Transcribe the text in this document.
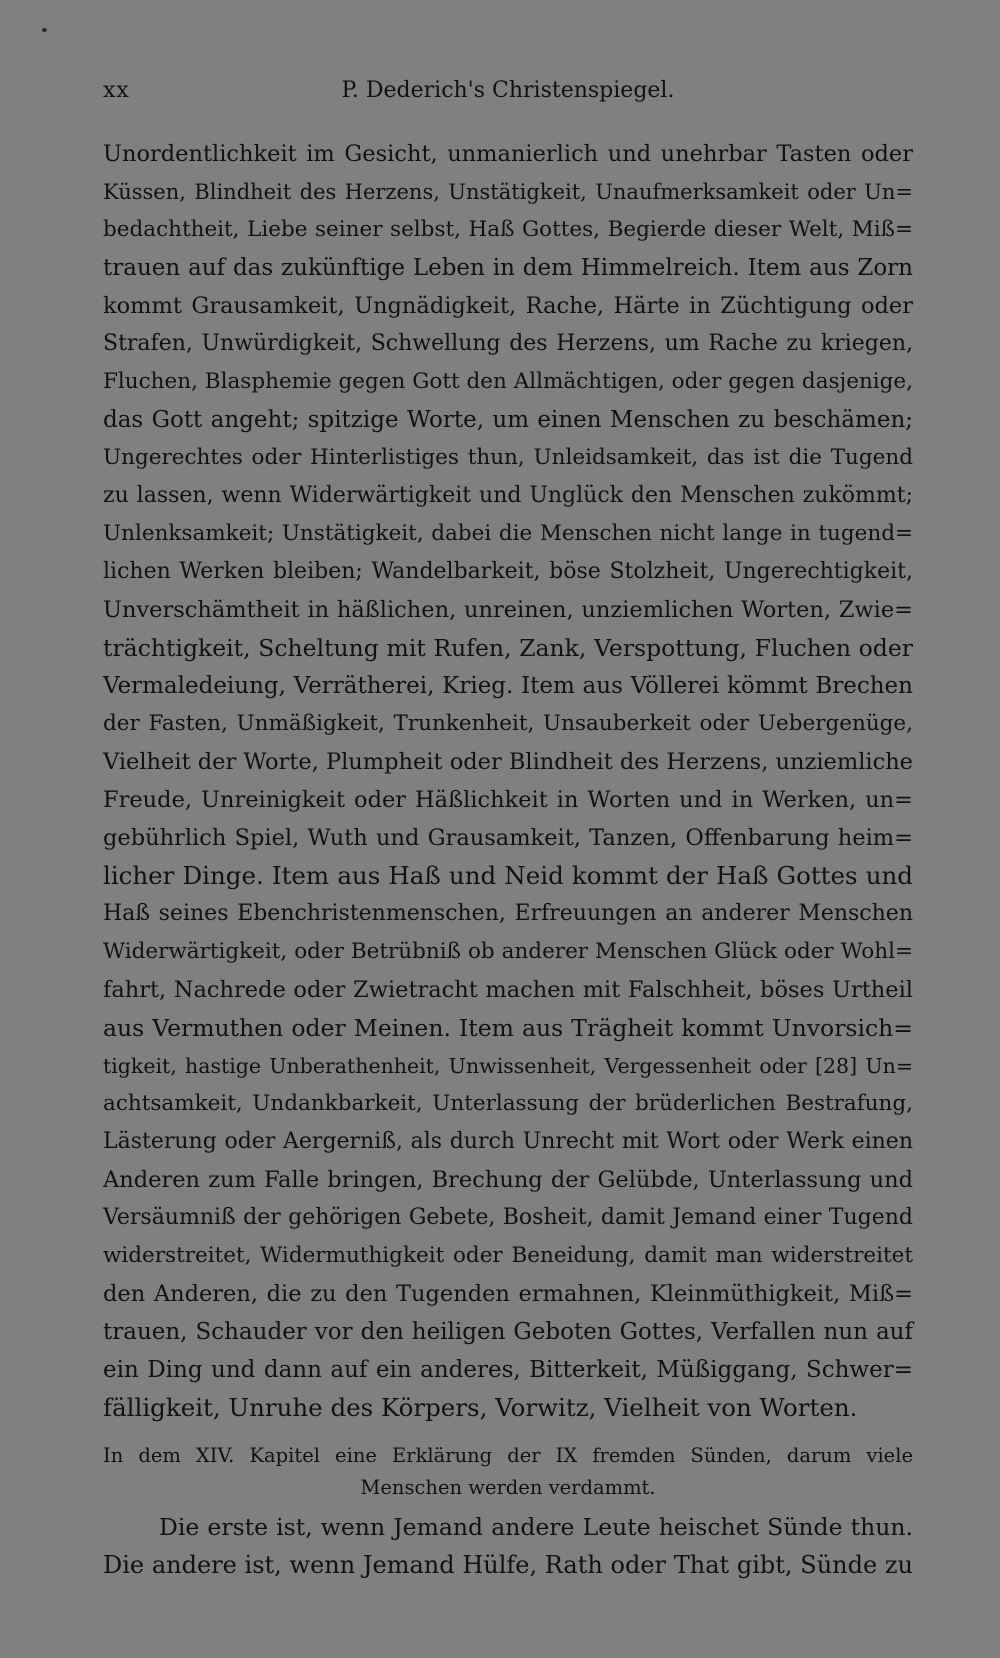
xx	P. Dederich's Christenspiegel.
Unordentlichkeit im Gesicht, unmanierlich und unehrbar Tasten oder
Küssen, Blindheit des Herzens, Unstätigkeit, Unaufmerksamkeit oder Un=
bedachtheit, Liebe seiner selbst, Haß Gottes, Begierde dieser Welt, Miß=
trauen auf das zukünftige Leben in dem Himmelreich. Item aus Zorn
kommt Grausamkeit, Ungnädigkeit, Rache, Härte in Züchtigung oder
Strafen, Unwürdigkeit, Schwellung des Herzens, um Rache zu kriegen,
Fluchen, Blasphemie gegen Gott den Allmächtigen, oder gegen dasjenige,
das Gott angeht; spitzige Worte, um einen Menschen zu beschämen;
Ungerechtes oder Hinterlistiges thun, Unleidsamkeit, das ist die Tugend
zu lassen, wenn Widerwärtigkeit und Unglück den Menschen zukömmt;
Unlenksamkeit; Unstätigkeit, dabei die Menschen nicht lange in tugend=
lichen Werken bleiben; Wandelbarkeit, böse Stolzheit, Ungerechtigkeit,
Unverschämtheit in häßlichen, unreinen, unziemlichen Worten, Zwie=
trächtigkeit, Scheltung mit Rufen, Zank, Verspottung, Fluchen oder
Vermaledeiung, Verrätherei, Krieg. Item aus Völlerei kömmt Brechen
der Fasten, Unmäßigkeit, Trunkenheit, Unsauberkeit oder Uebergenüge,
Vielheit der Worte, Plumpheit oder Blindheit des Herzens, unziemliche
Freude, Unreinigkeit oder Häßlichkeit in Worten und in Werken, un=
gebührlich Spiel, Wuth und Grausamkeit, Tanzen, Offenbarung heim=
licher Dinge. Item aus Haß und Neid kommt der Haß Gottes und
Haß seines Ebenchristenmenschen, Erfreuungen an anderer Menschen
Widerwärtigkeit, oder Betrübniß ob anderer Menschen Glück oder Wohl=
fahrt, Nachrede oder Zwietracht machen mit Falschheit, böses Urtheil
aus Vermuthen oder Meinen. Item aus Trägheit kommt Unvorsich=
tigkeit, hastige Unberathenheit, Unwissenheit, Vergessenheit oder [28] Un=
achtsamkeit, Undankbarkeit, Unterlassung der brüderlichen Bestrafung,
Lästerung oder Aergerniß, als durch Unrecht mit Wort oder Werk einen
Anderen zum Falle bringen, Brechung der Gelübde, Unterlassung und
Versäumniß der gehörigen Gebete, Bosheit, damit Jemand einer Tugend
widerstreitet, Widermuthigkeit oder Beneidung, damit man widerstreitet
den Anderen, die zu den Tugenden ermahnen, Kleinmüthigkeit, Miß=
trauen, Schauder vor den heiligen Geboten Gottes, Verfallen nun auf
ein Ding und dann auf ein anderes, Bitterkeit, Müßiggang, Schwer=
fälligkeit, Unruhe des Körpers, Vorwitz, Vielheit von Worten.
In dem XIV. Kapitel eine Erklärung der IX fremden Sünden, darum viele
Menschen werden verdammt.
Die erste ist, wenn Jemand andere Leute heischet Sünde thun.
Die andere ist, wenn Jemand Hülfe, Rath oder That gibt, Sünde zu
